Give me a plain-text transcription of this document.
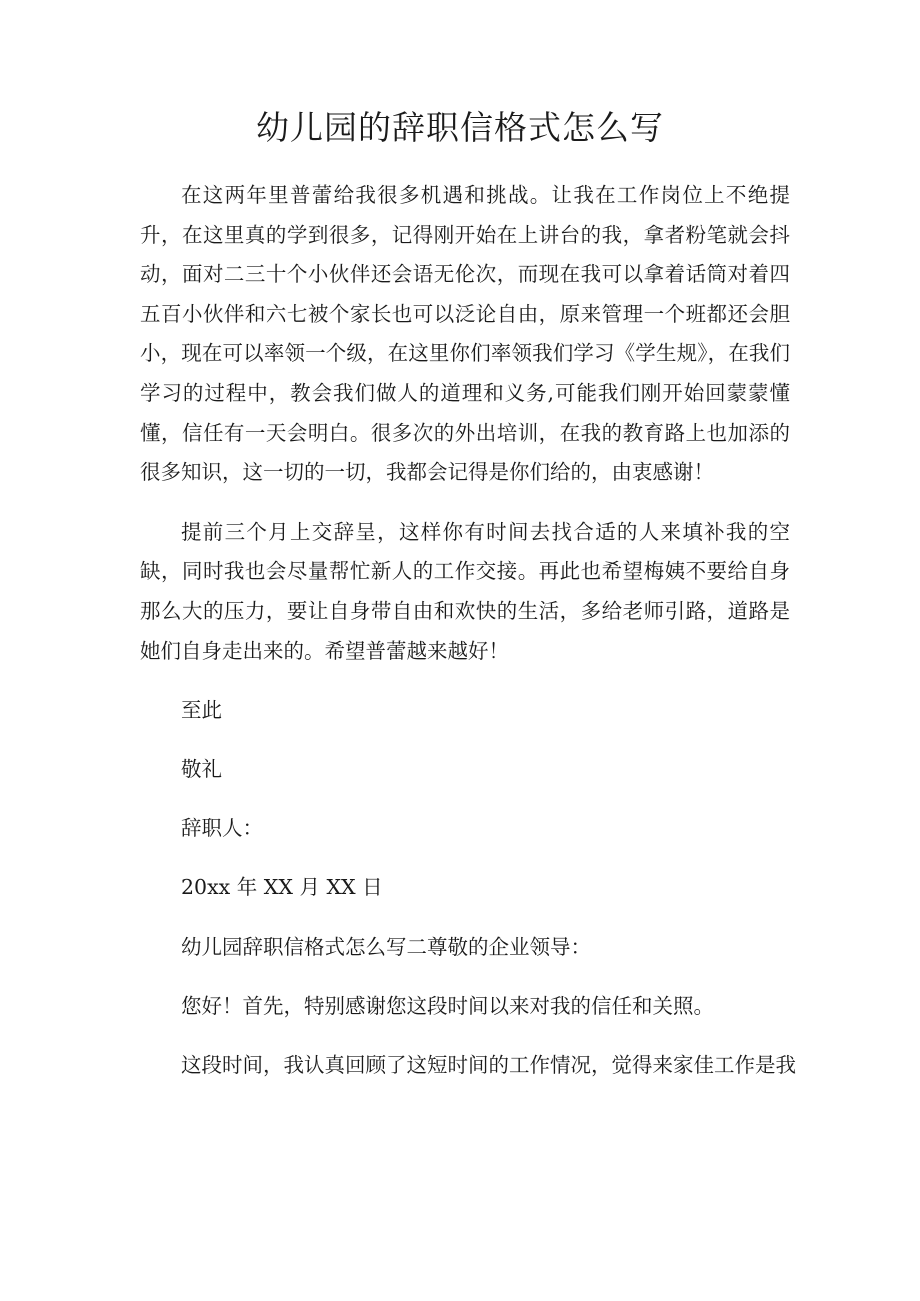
幼儿园的辞职信格式怎么写

在这两年里普蕾给我很多机遇和挑战。让我在工作岗位上不绝提升，在这里真的学到很多，记得刚开始在上讲台的我，拿者粉笔就会抖动，面对二三十个小伙伴还会语无伦次，而现在我可以拿着话筒对着四五百小伙伴和六七被个家长也可以泛论自由，原来管理一个班都还会胆小，现在可以率领一个级，在这里你们率领我们学习《学生规》，在我们学习的过程中，教会我们做人的道理和义务,可能我们刚开始回蒙蒙懂懂，信任有一天会明白。很多次的外出培训，在我的教育路上也加添的很多知识，这一切的一切，我都会记得是你们给的，由衷感谢！

提前三个月上交辞呈，这样你有时间去找合适的人来填补我的空缺，同时我也会尽量帮忙新人的工作交接。再此也希望梅姨不要给自身那么大的压力，要让自身带自由和欢快的生活，多给老师引路，道路是她们自身走出来的。希望普蕾越来越好！

至此

敬礼

辞职人：

20xx 年 XX 月 XX 日

幼儿园辞职信格式怎么写二尊敬的企业领导：

您好！首先，特别感谢您这段时间以来对我的信任和关照。

这段时间，我认真回顾了这短时间的工作情况，觉得来家佳工作是我
